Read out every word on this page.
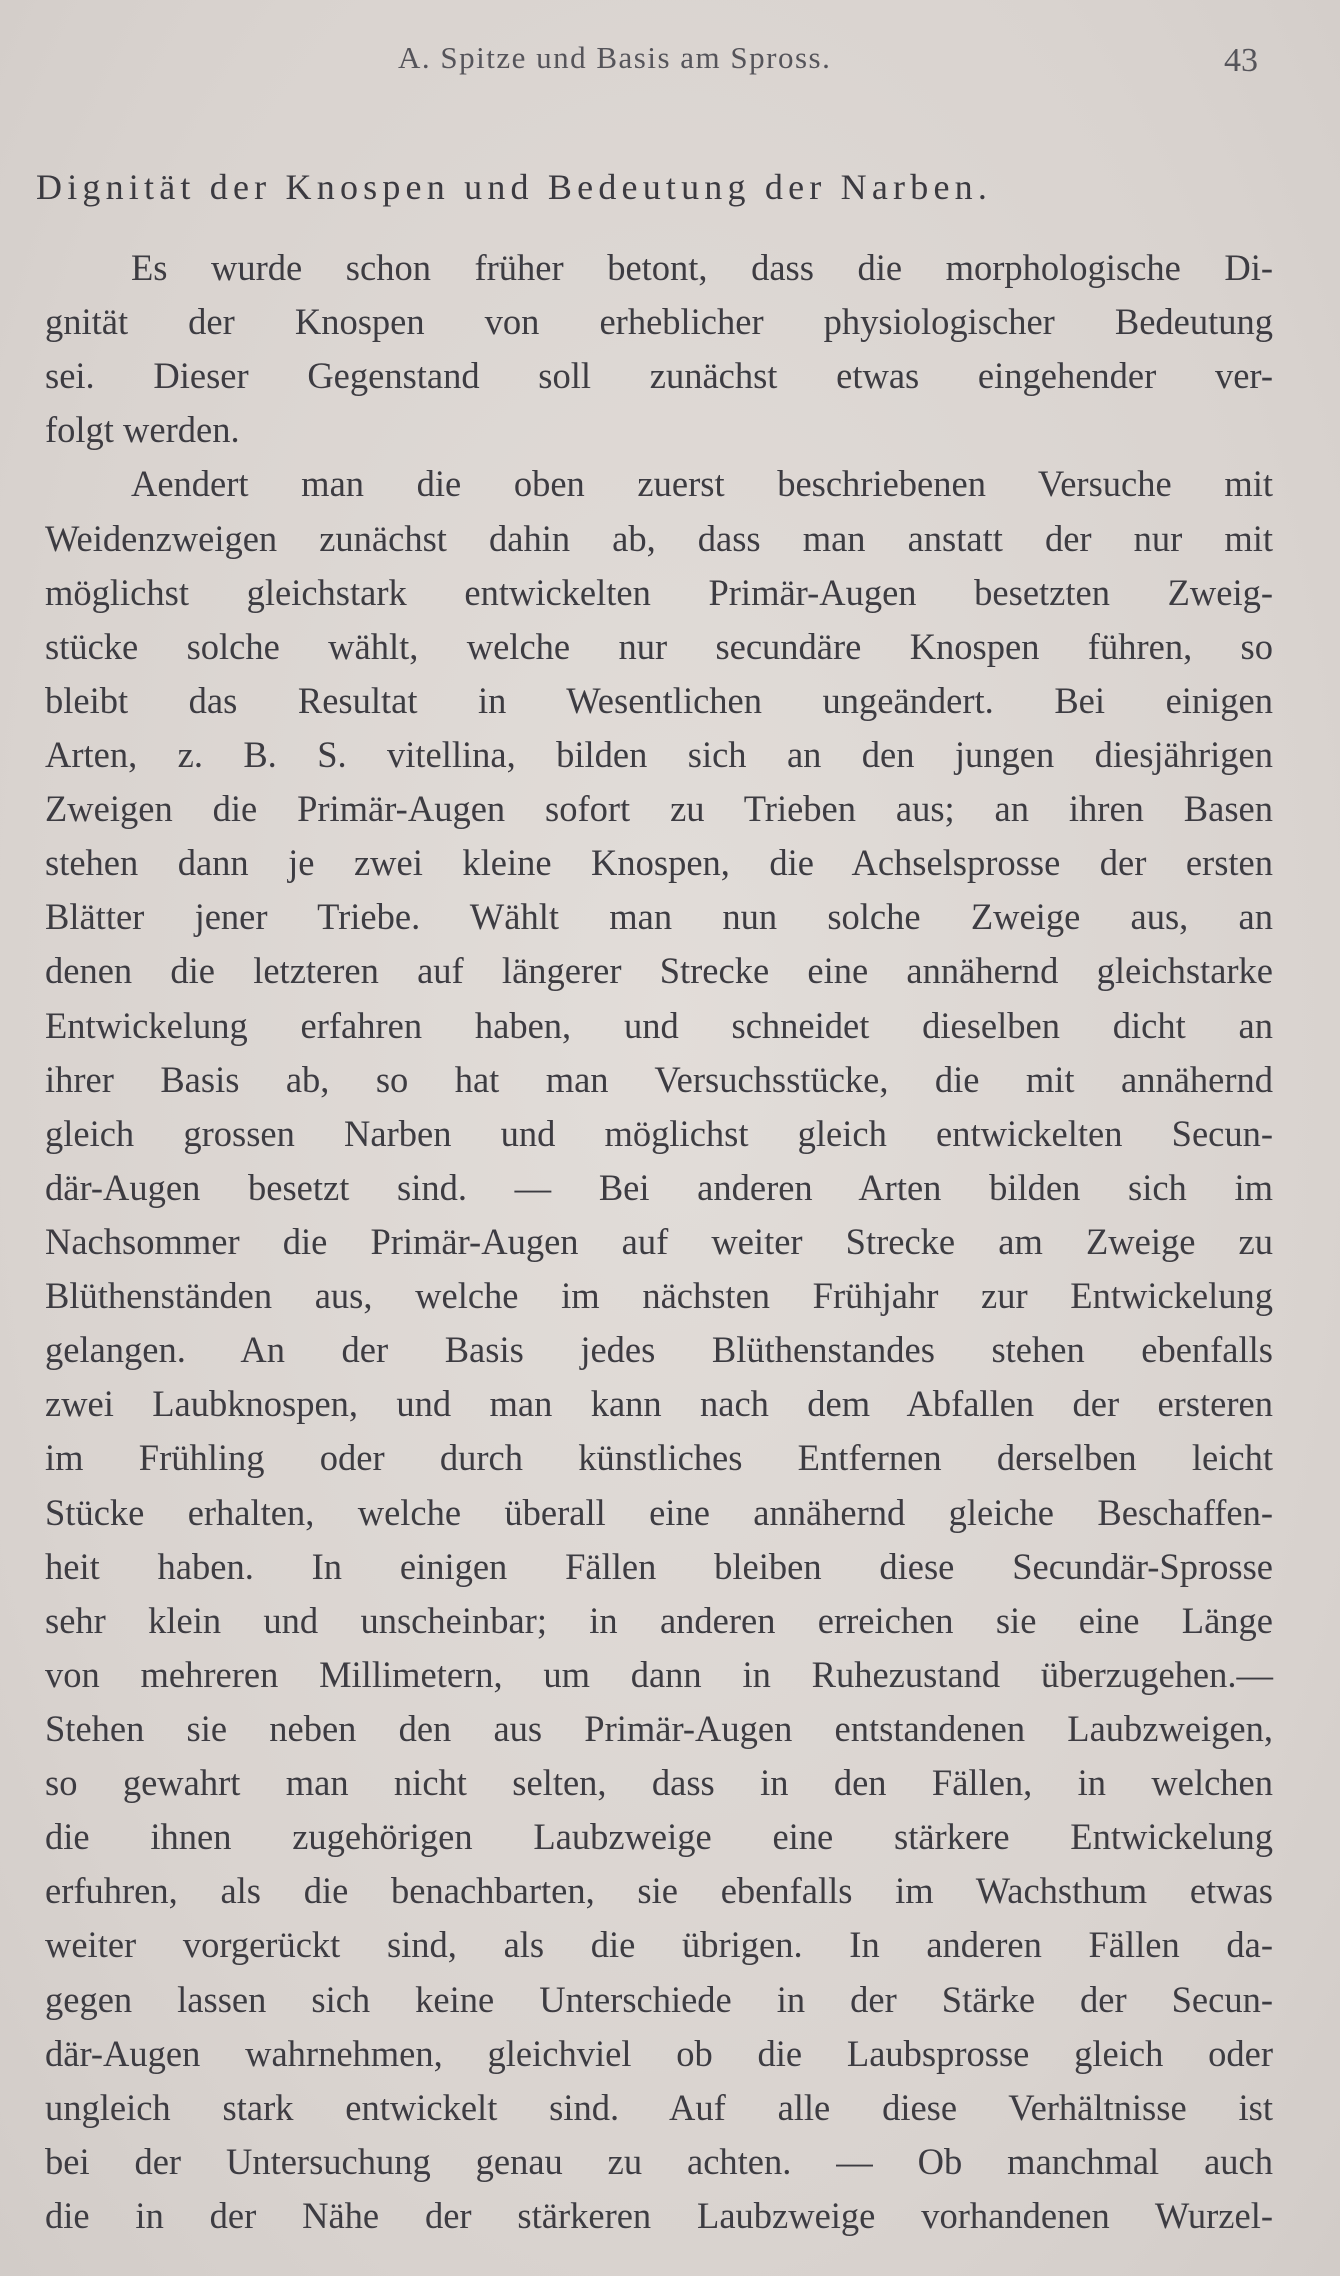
A. Spitze und Basis am Spross.	43
Dignität der Knospen und Bedeutung der Narben.
Es wurde schon früher betont, dass die morphologische Di-
gnität der Knospen von erheblicher physiologischer Bedeutung
sei. Dieser Gegenstand soll zunächst etwas eingehender ver-
folgt werden.
Aendert man die oben zuerst beschriebenen Versuche mit
Weidenzweigen zunächst dahin ab, dass man anstatt der nur mit
möglichst gleichstark entwickelten Primär-Augen besetzten Zweig-
stücke solche wählt, welche nur secundäre Knospen führen, so
bleibt das Resultat in Wesentlichen ungeändert. Bei einigen
Arten, z. B. S. vitellina, bilden sich an den jungen diesjährigen
Zweigen die Primär-Augen sofort zu Trieben aus; an ihren Basen
stehen dann je zwei kleine Knospen, die Achselsprosse der ersten
Blätter jener Triebe. Wählt man nun solche Zweige aus, an
denen die letzteren auf längerer Strecke eine annähernd gleichstarke
Entwickelung erfahren haben, und schneidet dieselben dicht an
ihrer Basis ab, so hat man Versuchsstücke, die mit annähernd
gleich grossen Narben und möglichst gleich entwickelten Secun-
där-Augen besetzt sind. — Bei anderen Arten bilden sich im
Nachsommer die Primär-Augen auf weiter Strecke am Zweige zu
Blüthenständen aus, welche im nächsten Frühjahr zur Entwickelung
gelangen. An der Basis jedes Blüthenstandes stehen ebenfalls
zwei Laubknospen, und man kann nach dem Abfallen der ersteren
im Frühling oder durch künstliches Entfernen derselben leicht
Stücke erhalten, welche überall eine annähernd gleiche Beschaffen-
heit haben. In einigen Fällen bleiben diese Secundär-Sprosse
sehr klein und unscheinbar; in anderen erreichen sie eine Länge
von mehreren Millimetern, um dann in Ruhezustand überzugehen.—
Stehen sie neben den aus Primär-Augen entstandenen Laubzweigen,
so gewahrt man nicht selten, dass in den Fällen, in welchen
die ihnen zugehörigen Laubzweige eine stärkere Entwickelung
erfuhren, als die benachbarten, sie ebenfalls im Wachsthum etwas
weiter vorgerückt sind, als die übrigen. In anderen Fällen da-
gegen lassen sich keine Unterschiede in der Stärke der Secun-
där-Augen wahrnehmen, gleichviel ob die Laubsprosse gleich oder
ungleich stark entwickelt sind. Auf alle diese Verhältnisse ist
bei der Untersuchung genau zu achten. — Ob manchmal auch
die in der Nähe der stärkeren Laubzweige vorhandenen Wurzel-
